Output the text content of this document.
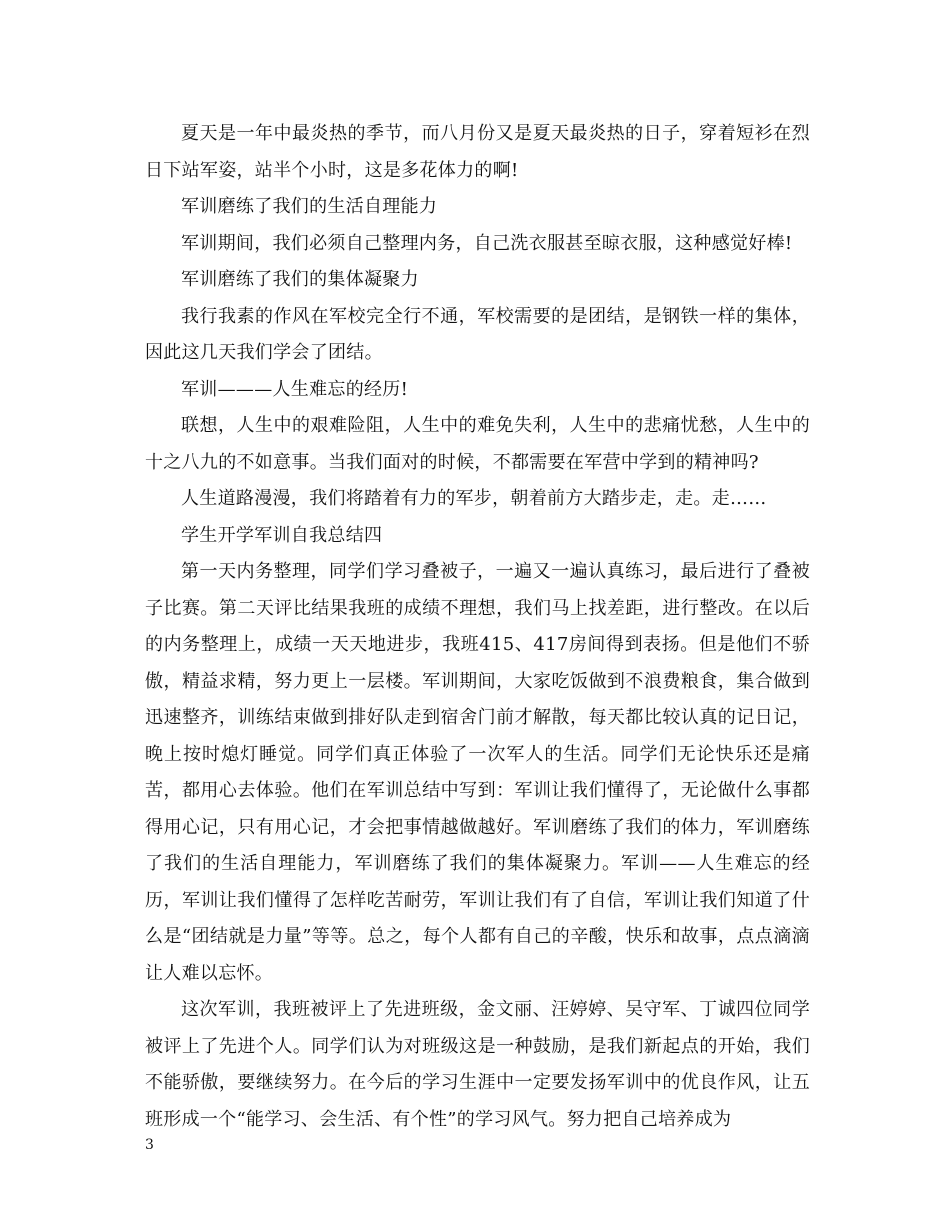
夏天是一年中最炎热的季节，而八月份又是夏天最炎热的日子，穿着短衫在烈日下站军姿，站半个小时，这是多花体力的啊!

军训磨练了我们的生活自理能力

军训期间，我们必须自己整理内务，自己洗衣服甚至晾衣服，这种感觉好棒!

军训磨练了我们的集体凝聚力

我行我素的作风在军校完全行不通，军校需要的是团结，是钢铁一样的集体，因此这几天我们学会了团结。

军训———人生难忘的经历!

联想，人生中的艰难险阻，人生中的难免失利，人生中的悲痛忧愁，人生中的十之八九的不如意事。当我们面对的时候，不都需要在军营中学到的精神吗?

人生道路漫漫，我们将踏着有力的军步，朝着前方大踏步走，走。走……

学生开学军训自我总结四

第一天内务整理，同学们学习叠被子，一遍又一遍认真练习，最后进行了叠被子比赛。第二天评比结果我班的成绩不理想，我们马上找差距，进行整改。在以后的内务整理上，成绩一天天地进步，我班415、417房间得到表扬。但是他们不骄傲，精益求精，努力更上一层楼。军训期间，大家吃饭做到不浪费粮食，集合做到迅速整齐，训练结束做到排好队走到宿舍门前才解散，每天都比较认真的记日记，晚上按时熄灯睡觉。同学们真正体验了一次军人的生活。同学们无论快乐还是痛苦，都用心去体验。他们在军训总结中写到：军训让我们懂得了，无论做什么事都得用心记，只有用心记，才会把事情越做越好。军训磨练了我们的体力，军训磨练了我们的生活自理能力，军训磨练了我们的集体凝聚力。军训——人生难忘的经历，军训让我们懂得了怎样吃苦耐劳，军训让我们有了自信，军训让我们知道了什么是“团结就是力量”等等。总之，每个人都有自己的辛酸，快乐和故事，点点滴滴让人难以忘怀。

这次军训，我班被评上了先进班级，金文丽、汪婷婷、吴守军、丁诚四位同学被评上了先进个人。同学们认为对班级这是一种鼓励，是我们新起点的开始，我们不能骄傲，要继续努力。在今后的学习生涯中一定要发扬军训中的优良作风，让五班形成一个“能学习、会生活、有个性”的学习风气。努力把自己培养成为

3
